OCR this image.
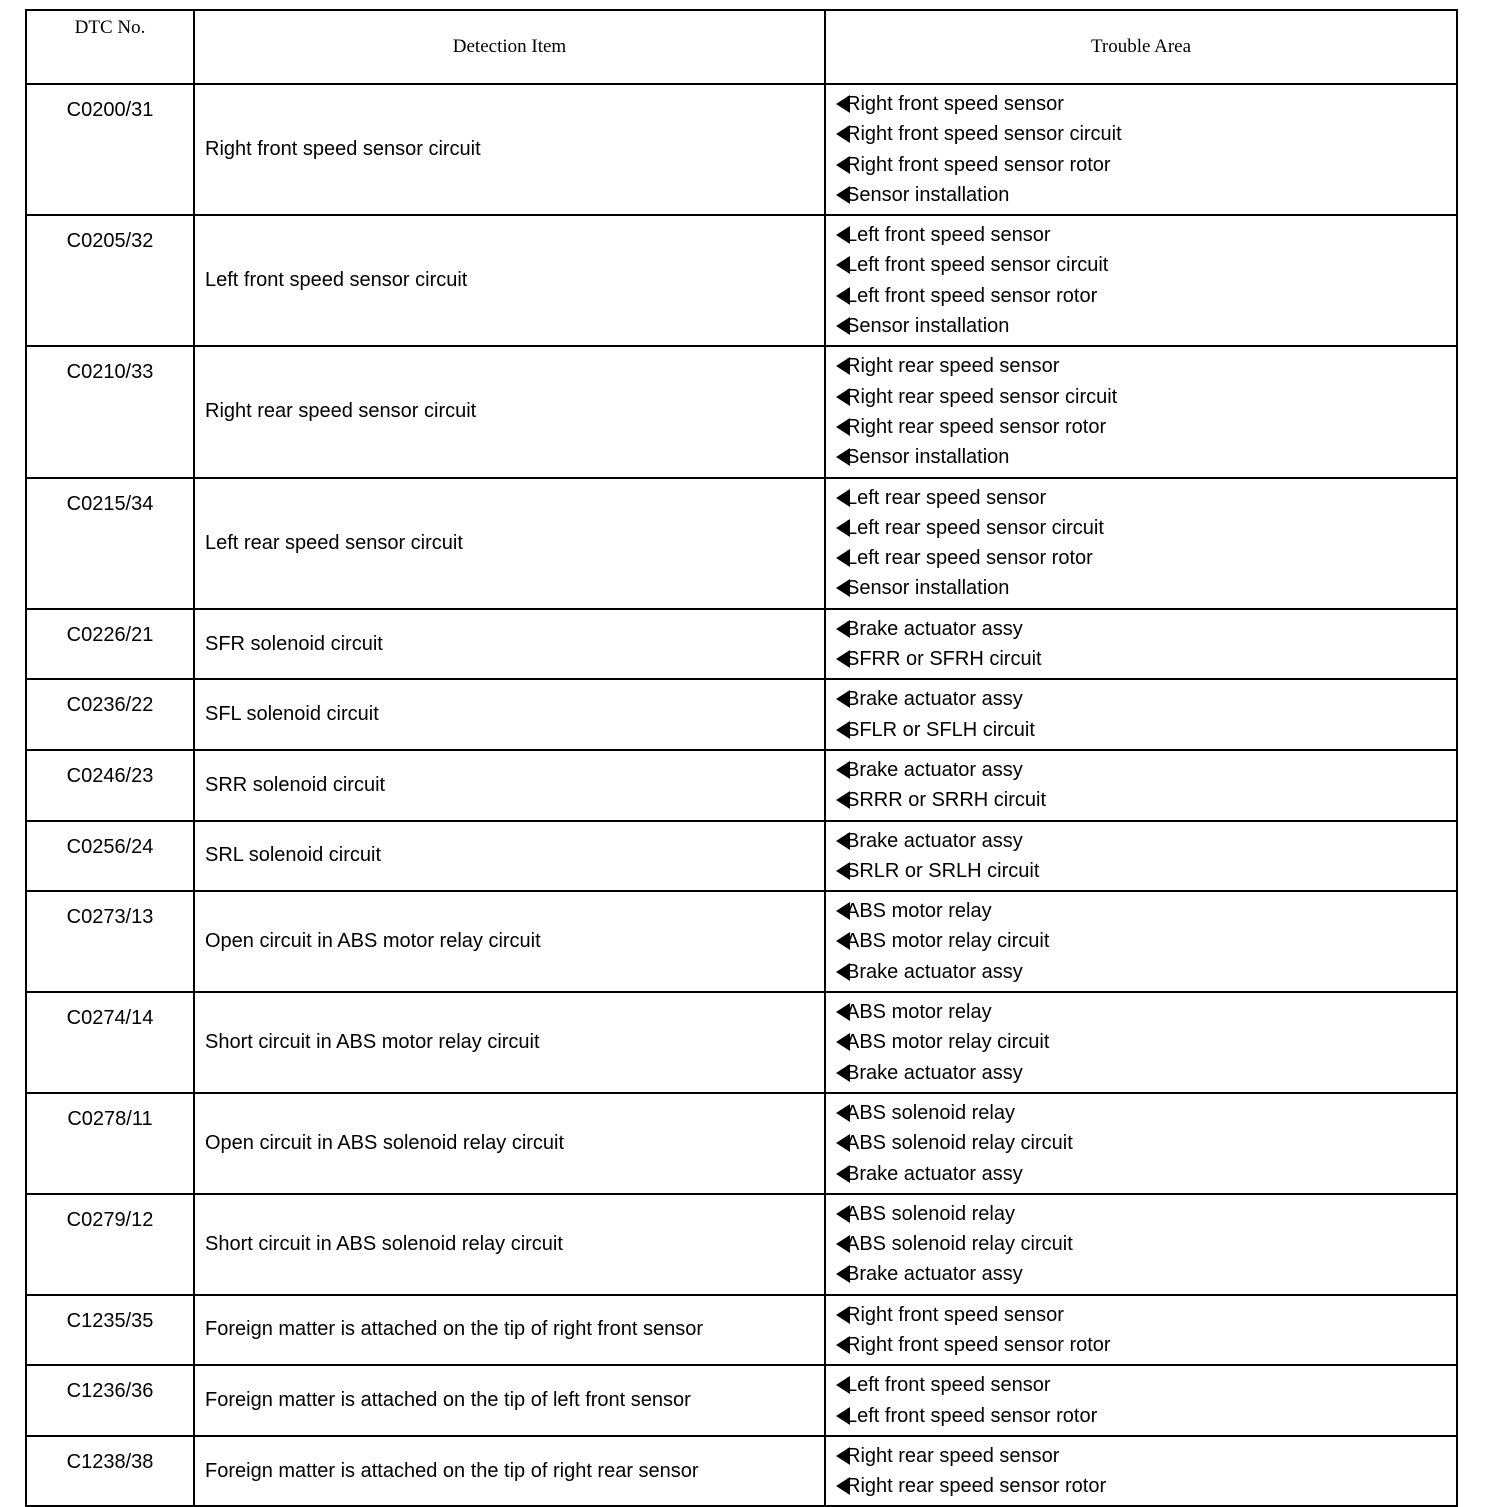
DTC No.	Detection Item	Trouble Area
C0200/31	Right front speed sensor circuit	Right front speed sensor
Right front speed sensor circuit
Right front speed sensor rotor
Sensor installation

C0205/32	Left front speed sensor circuit	Left front speed sensor
Left front speed sensor circuit
Left front speed sensor rotor
Sensor installation

C0210/33	Right rear speed sensor circuit	Right rear speed sensor
Right rear speed sensor circuit
Right rear speed sensor rotor
Sensor installation

C0215/34	Left rear speed sensor circuit	Left rear speed sensor
Left rear speed sensor circuit
Left rear speed sensor rotor
Sensor installation

C0226/21	SFR solenoid circuit	Brake actuator assy
SFRR or SFRH circuit

C0236/22	SFL solenoid circuit	Brake actuator assy
SFLR or SFLH circuit

C0246/23	SRR solenoid circuit	Brake actuator assy
SRRR or SRRH circuit

C0256/24	SRL solenoid circuit	Brake actuator assy
SRLR or SRLH circuit

C0273/13	Open circuit in ABS motor relay circuit	ABS motor relay
ABS motor relay circuit
Brake actuator assy

C0274/14	Short circuit in ABS motor relay circuit	ABS motor relay
ABS motor relay circuit
Brake actuator assy

C0278/11	Open circuit in ABS solenoid relay circuit	ABS solenoid relay
ABS solenoid relay circuit
Brake actuator assy

C0279/12	Short circuit in ABS solenoid relay circuit	ABS solenoid relay
ABS solenoid relay circuit
Brake actuator assy

C1235/35	Foreign matter is attached on the tip of right front sensor	Right front speed sensor
Right front speed sensor rotor

C1236/36	Foreign matter is attached on the tip of left front sensor	Left front speed sensor
Left front speed sensor rotor

C1238/38	Foreign matter is attached on the tip of right rear sensor	Right rear speed sensor
Right rear speed sensor rotor
